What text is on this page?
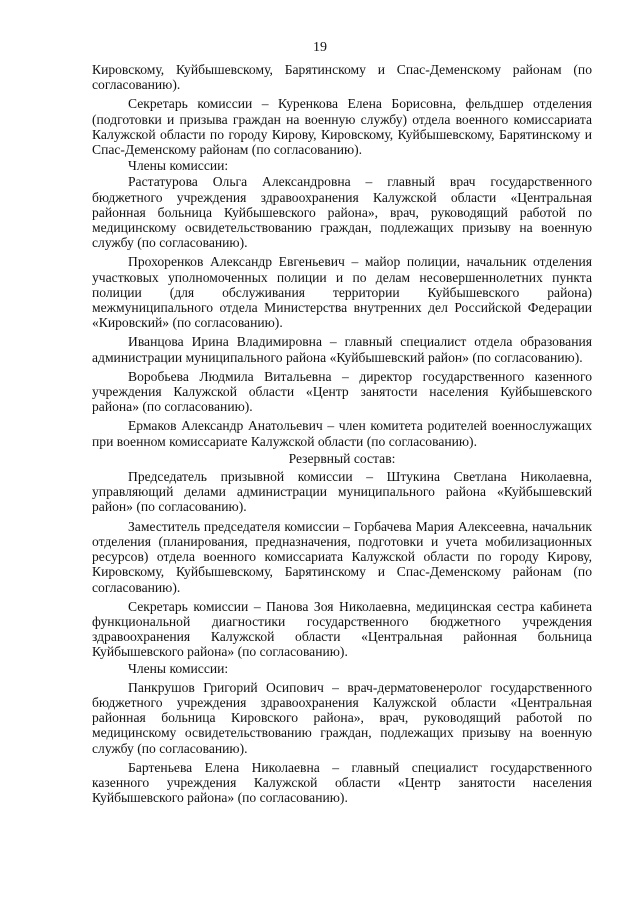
19

Кировскому, Куйбышевскому, Барятинскому и Спас-Деменскому районам (по согласованию).

Секретарь комиссии – Куренкова Елена Борисовна, фельдшер отделения (подготовки и призыва граждан на военную службу) отдела военного комиссариата Калужской области по городу Кирову, Кировскому, Куйбышевскому, Барятинскому и Спас-Деменскому районам (по согласованию).

Члены комиссии:

Растатурова Ольга Александровна – главный врач государственного бюджетного учреждения здравоохранения Калужской области «Центральная районная больница Куйбышевского района», врач, руководящий работой по медицинскому освидетельствованию граждан, подлежащих призыву на военную службу (по согласованию).

Прохоренков Александр Евгеньевич – майор полиции, начальник отделения участковых уполномоченных полиции и по делам несовершеннолетних пункта полиции (для обслуживания территории Куйбышевского района) межмуниципального отдела Министерства внутренних дел Российской Федерации «Кировский» (по согласованию).

Иванцова Ирина Владимировна – главный специалист отдела образования администрации муниципального района «Куйбышевский район» (по согласованию).

Воробьева Людмила Витальевна – директор государственного казенного учреждения Калужской области «Центр занятости населения Куйбышевского района» (по согласованию).

Ермаков Александр Анатольевич – член комитета родителей военнослужащих при военном комиссариате Калужской области (по согласованию).

Резервный состав:

Председатель призывной комиссии – Штукина Светлана Николаевна, управляющий делами администрации муниципального района «Куйбышевский район» (по согласованию).

Заместитель председателя комиссии – Горбачева Мария Алексеевна, начальник отделения (планирования, предназначения, подготовки и учета мобилизационных ресурсов) отдела военного комиссариата Калужской области по городу Кирову, Кировскому, Куйбышевскому, Барятинскому и Спас-Деменскому районам (по согласованию).

Секретарь комиссии – Панова Зоя Николаевна, медицинская сестра кабинета функциональной диагностики государственного бюджетного учреждения здравоохранения Калужской области «Центральная районная больница Куйбышевского района» (по согласованию).

Члены комиссии:

Панкрушов Григорий Осипович – врач-дерматовенеролог государственного бюджетного учреждения здравоохранения Калужской области «Центральная районная больница Кировского района», врач, руководящий работой по медицинскому освидетельствованию граждан, подлежащих призыву на военную службу (по согласованию).

Бартеньева Елена Николаевна – главный специалист государственного казенного учреждения Калужской области «Центр занятости населения Куйбышевского района» (по согласованию).
